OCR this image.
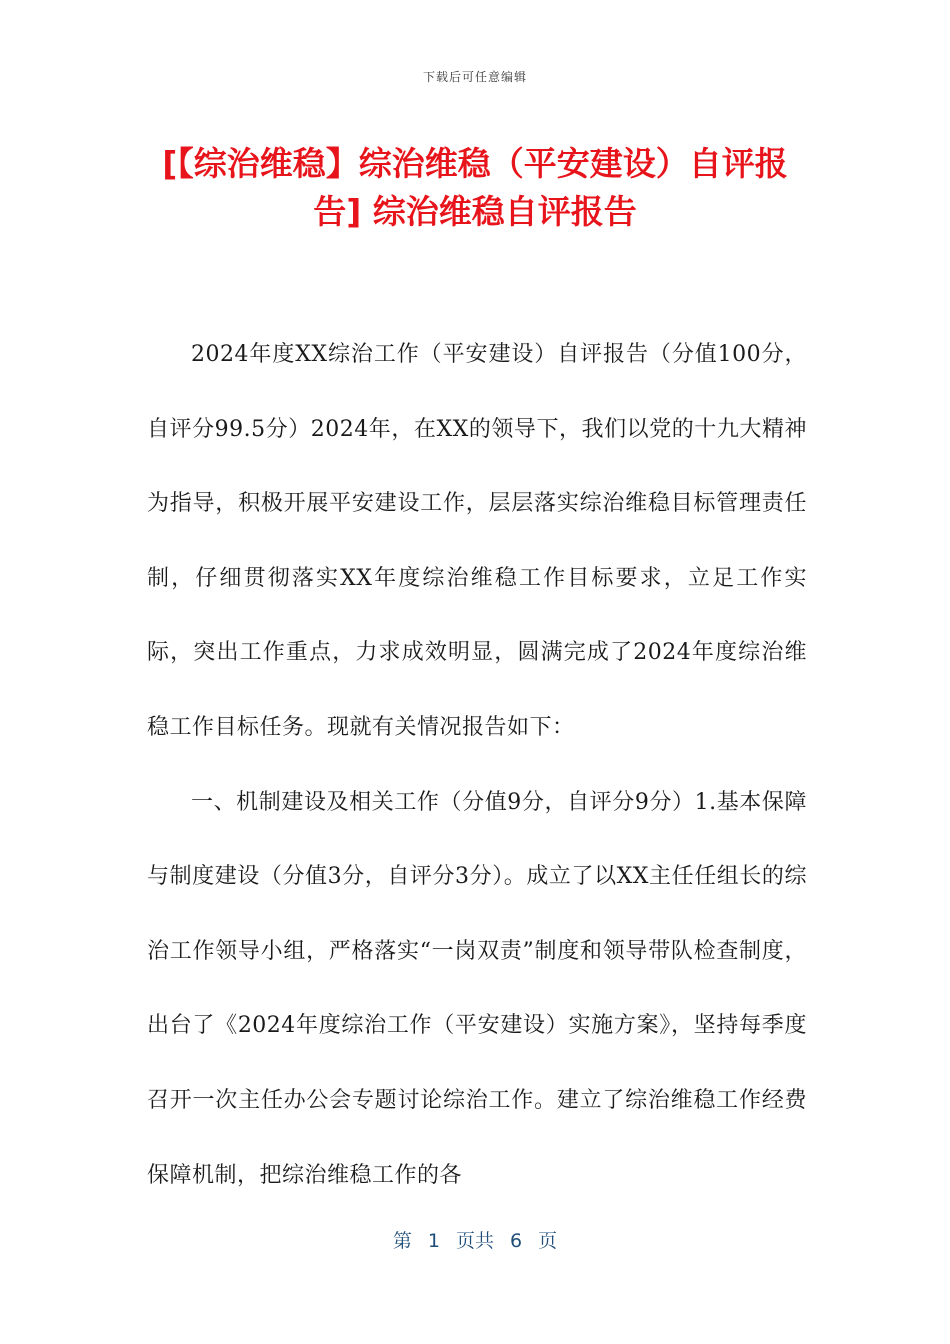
下载后可任意编辑
[【综治维稳】综治维稳（平安建设）自评报告] 综治维稳自评报告

2024年度XX综治工作（平安建设）自评报告（分值100分，自评分99.5分）2024年，在XX的领导下，我们以党的十九大精神为指导，积极开展平安建设工作，层层落实综治维稳目标管理责任制，仔细贯彻落实XX年度综治维稳工作目标要求，立足工作实际，突出工作重点，力求成效明显，圆满完成了2024年度综治维稳工作目标任务。现就有关情况报告如下：

一、机制建设及相关工作（分值9分，自评分9分）1.基本保障与制度建设（分值3分，自评分3分）。成立了以XX主任任组长的综治工作领导小组，严格落实“一岗双责”制度和领导带队检查制度，出台了《2024年度综治工作（平安建设）实施方案》，坚持每季度召开一次主任办公会专题讨论综治工作。建立了综治维稳工作经费保障机制，把综治维稳工作的各

第 1 页共 6 页
